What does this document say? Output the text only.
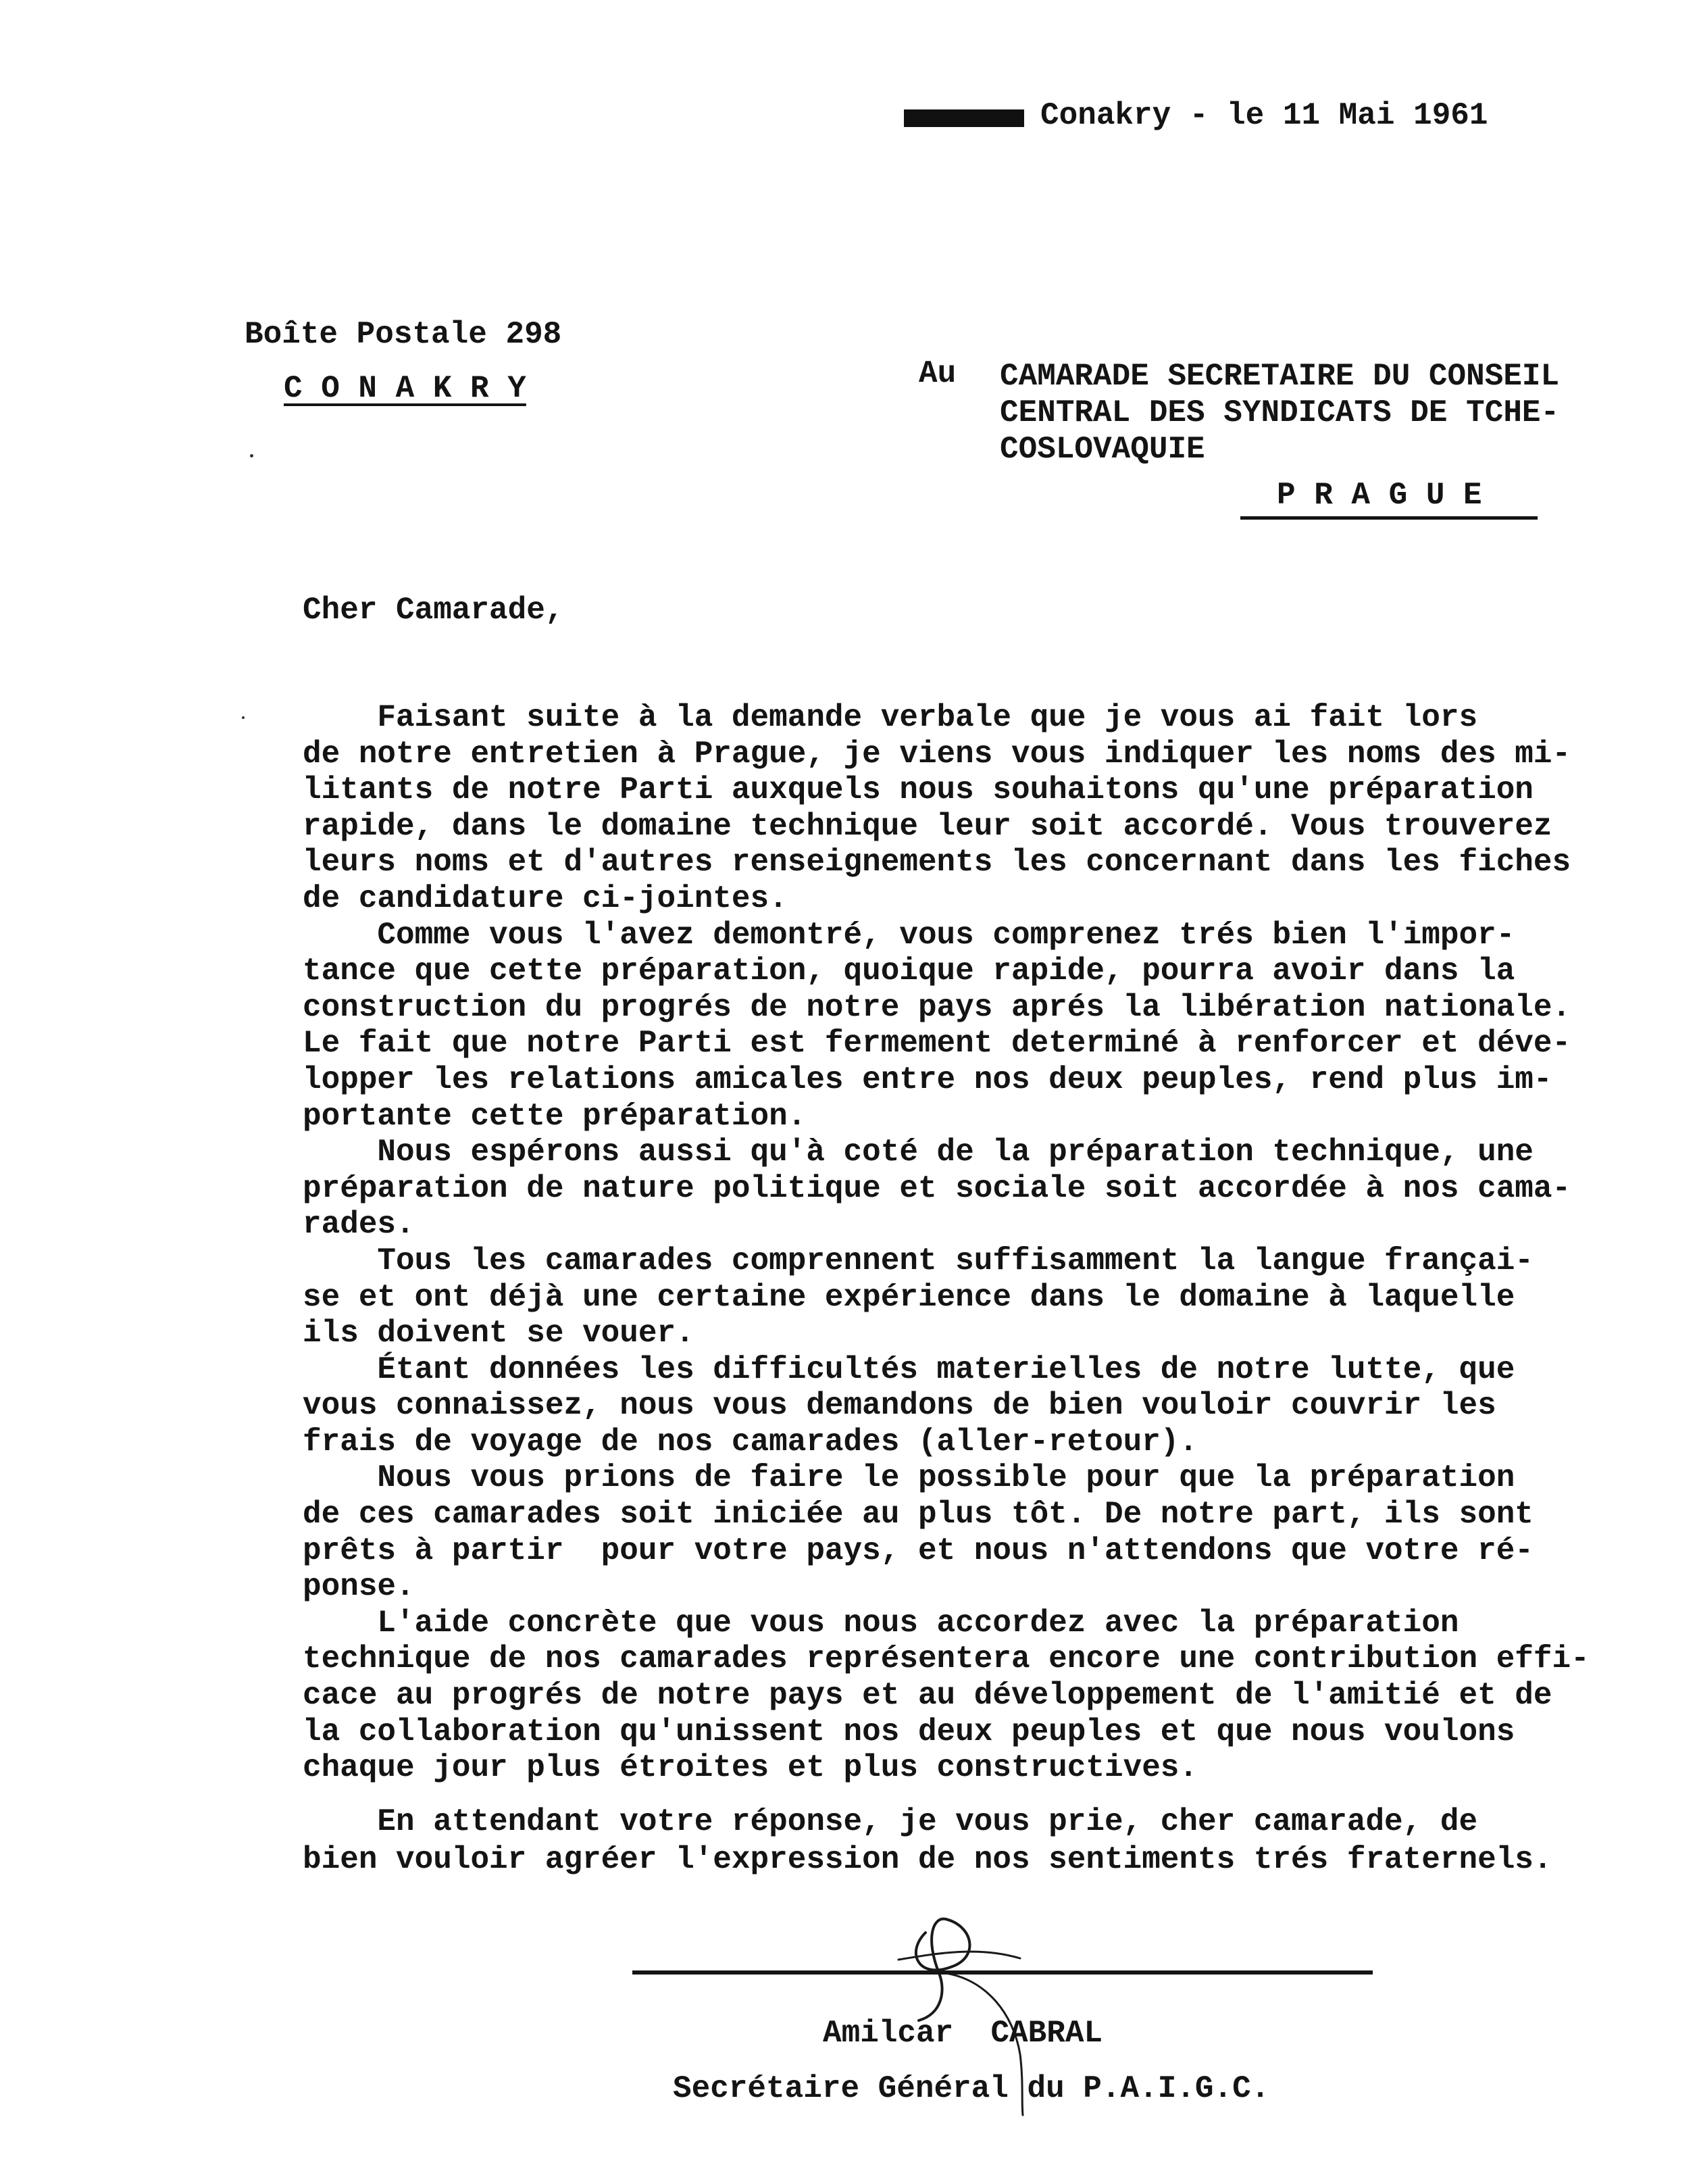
Conakry - le 11 Mai 1961
Boîte Postale 298
C O N A K R Y	Au CAMARADE SECRETAIRE DU CONSEIL
CENTRAL DES SYNDICATS DE TCHE-
COSLOVAQUIE
P R A G U E
Cher Camarade,
Faisant suite à la demande verbale que je vous ai fait lors
de notre entretien à Prague, je viens vous indiquer les noms des mi-
litants de notre Parti auxquels nous souhaitons qu'une préparation
rapide, dans le domaine technique leur soit accordé. Vous trouverez
leurs noms et d'autres renseignements les concernant dans les fiches
de candidature ci-jointes.
Comme vous l'avez demontré, vous comprenez trés bien l'impor-
tance que cette préparation, quoique rapide, pourra avoir dans la
construction du progrés de notre pays aprés la libération nationale.
Le fait que notre Parti est fermement determiné à renforcer et déve-
lopper les relations amicales entre nos deux peuples, rend plus im-
portante cette préparation.
Nous espérons aussi qu'à coté de la préparation technique, une
préparation de nature politique et sociale soit accordée à nos cama-
rades.
Tous les camarades comprennent suffisamment la langue françai-
se et ont déjà une certaine expérience dans le domaine à laquelle
ils doivent se vouer.
Étant données les difficultés materielles de notre lutte, que
vous connaissez, nous vous demandons de bien vouloir couvrir les
frais de voyage de nos camarades (aller-retour).
Nous vous prions de faire le possible pour que la préparation
de ces camarades soit iniciée au plus tôt. De notre part, ils sont
prêts à partir  pour votre pays, et nous n'attendons que votre ré-
ponse.
L'aide concrète que vous nous accordez avec la préparation
technique de nos camarades représentera encore une contribution effi-
cace au progrés de notre pays et au développement de l'amitié et de
la collaboration qu'unissent nos deux peuples et que nous voulons
chaque jour plus étroites et plus constructives.
En attendant votre réponse, je vous prie, cher camarade, de
bien vouloir agréer l'expression de nos sentiments trés fraternels.
Amilcar  CABRAL
Secrétaire Général du P.A.I.G.C.
